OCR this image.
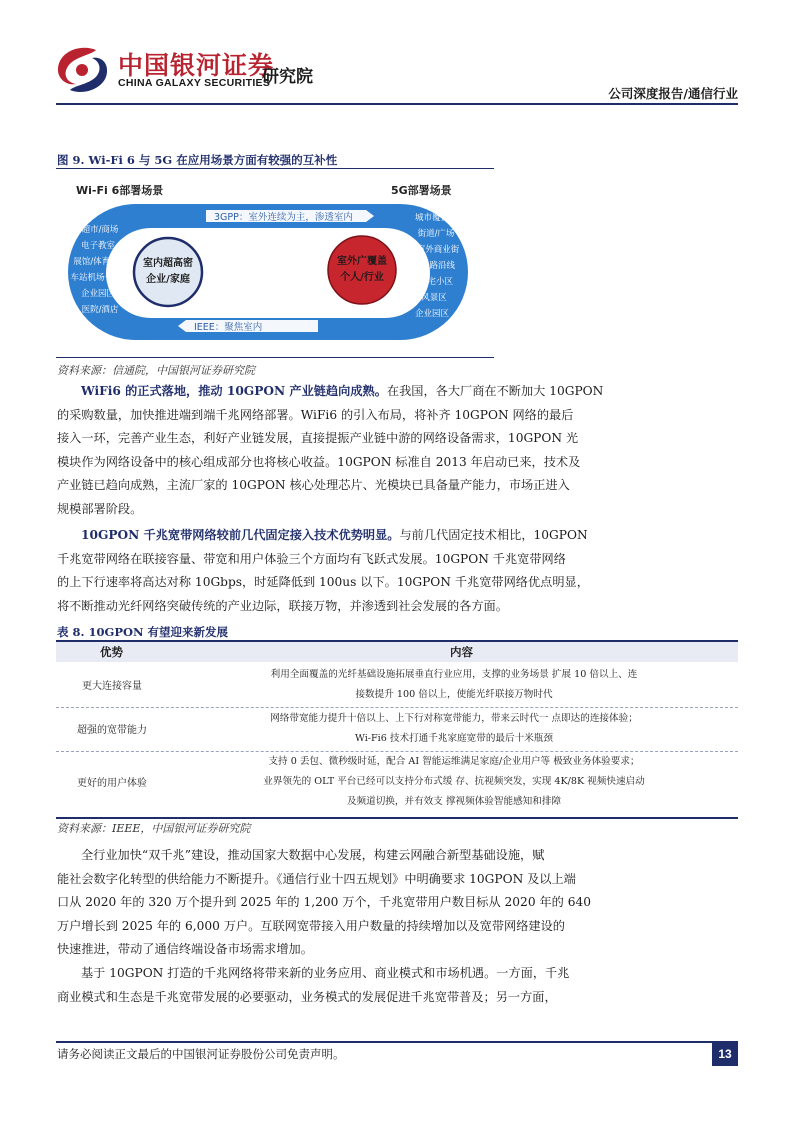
中国银河证券
CHINA GALAXY SECURITIES
研究院
公司深度报告/通信行业
图 9. Wi-Fi 6 与 5G 在应用场景方面有较强的互补性
Wi-Fi 6部署场景	5G部署场景
3GPP：室外连续为主，渗透室内
IEEE：聚焦室内
室内超高密
企业/家庭
室外广覆盖
个人/行业
超市/商场
电子教室
展馆/体育馆
车站机场仓储
企业园区
医院/酒店
城市覆盖
街道/广场
室外商业街
公路沿线
住宅小区
风景区
企业园区
资料来源：信通院，中国银河证券研究院
WiFi6 的正式落地，推动 10GPON 产业链趋向成熟。在我国，各大厂商在不断加大 10GPON
的采购数量，加快推进端到端千兆网络部署。WiFi6 的引入布局，将补齐 10GPON 网络的最后
接入一环，完善产业生态，利好产业链发展，直接提振产业链中游的网络设备需求，10GPON 光
模块作为网络设备中的核心组成部分也将核心收益。10GPON 标准自 2013 年启动已来，技术及
产业链已趋向成熟，主流厂家的 10GPON 核心处理芯片、光模块已具备量产能力，市场正进入
规模部署阶段。
10GPON 千兆宽带网络较前几代固定接入技术优势明显。与前几代固定技术相比，10GPON
千兆宽带网络在联接容量、带宽和用户体验三个方面均有飞跃式发展。10GPON 千兆宽带网络
的上下行速率将高达对称 10Gbps，时延降低到 100us 以下。10GPON 千兆宽带网络优点明显，
将不断推动光纤网络突破传统的产业边际，联接万物，并渗透到社会发展的各方面。
表 8. 10GPON 有望迎来新发展
优势	内容
更大连接容量
利用全面覆盖的光纤基础设施拓展垂直行业应用，支撑的业务场景 扩展 10 倍以上、连
接数提升 100 倍以上，使能光纤联接万物时代
超强的宽带能力
网络带宽能力提升十倍以上、上下行对称宽带能力，带来云时代一 点即达的连接体验；
Wi-Fi6 技术打通千兆家庭宽带的最后十米瓶颈
更好的用户体验
支持 0 丢包、微秒级时延，配合 AI 智能运维满足家庭/企业用户等 极致业务体验要求；
业界领先的 OLT 平台已经可以支持分布式缓 存、抗视频突发，实现 4K/8K 视频快速启动
及频道切换，并有效支 撑视频体验智能感知和排障
资料来源：IEEE，中国银河证券研究院
全行业加快“双千兆”建设，推动国家大数据中心发展，构建云网融合新型基础设施，赋
能社会数字化转型的供给能力不断提升。《通信行业十四五规划》中明确要求 10GPON 及以上端
口从 2020 年的 320 万个提升到 2025 年的 1,200 万个，千兆宽带用户数目标从 2020 年的 640
万户增长到 2025 年的 6,000 万户。互联网宽带接入用户数量的持续增加以及宽带网络建设的
快速推进，带动了通信终端设备市场需求增加。
基于 10GPON 打造的千兆网络将带来新的业务应用、商业模式和市场机遇。一方面，千兆
商业模式和生态是千兆宽带发展的必要驱动，业务模式的发展促进千兆宽带普及；另一方面，
请务必阅读正文最后的中国银河证券股份公司免责声明。	13
